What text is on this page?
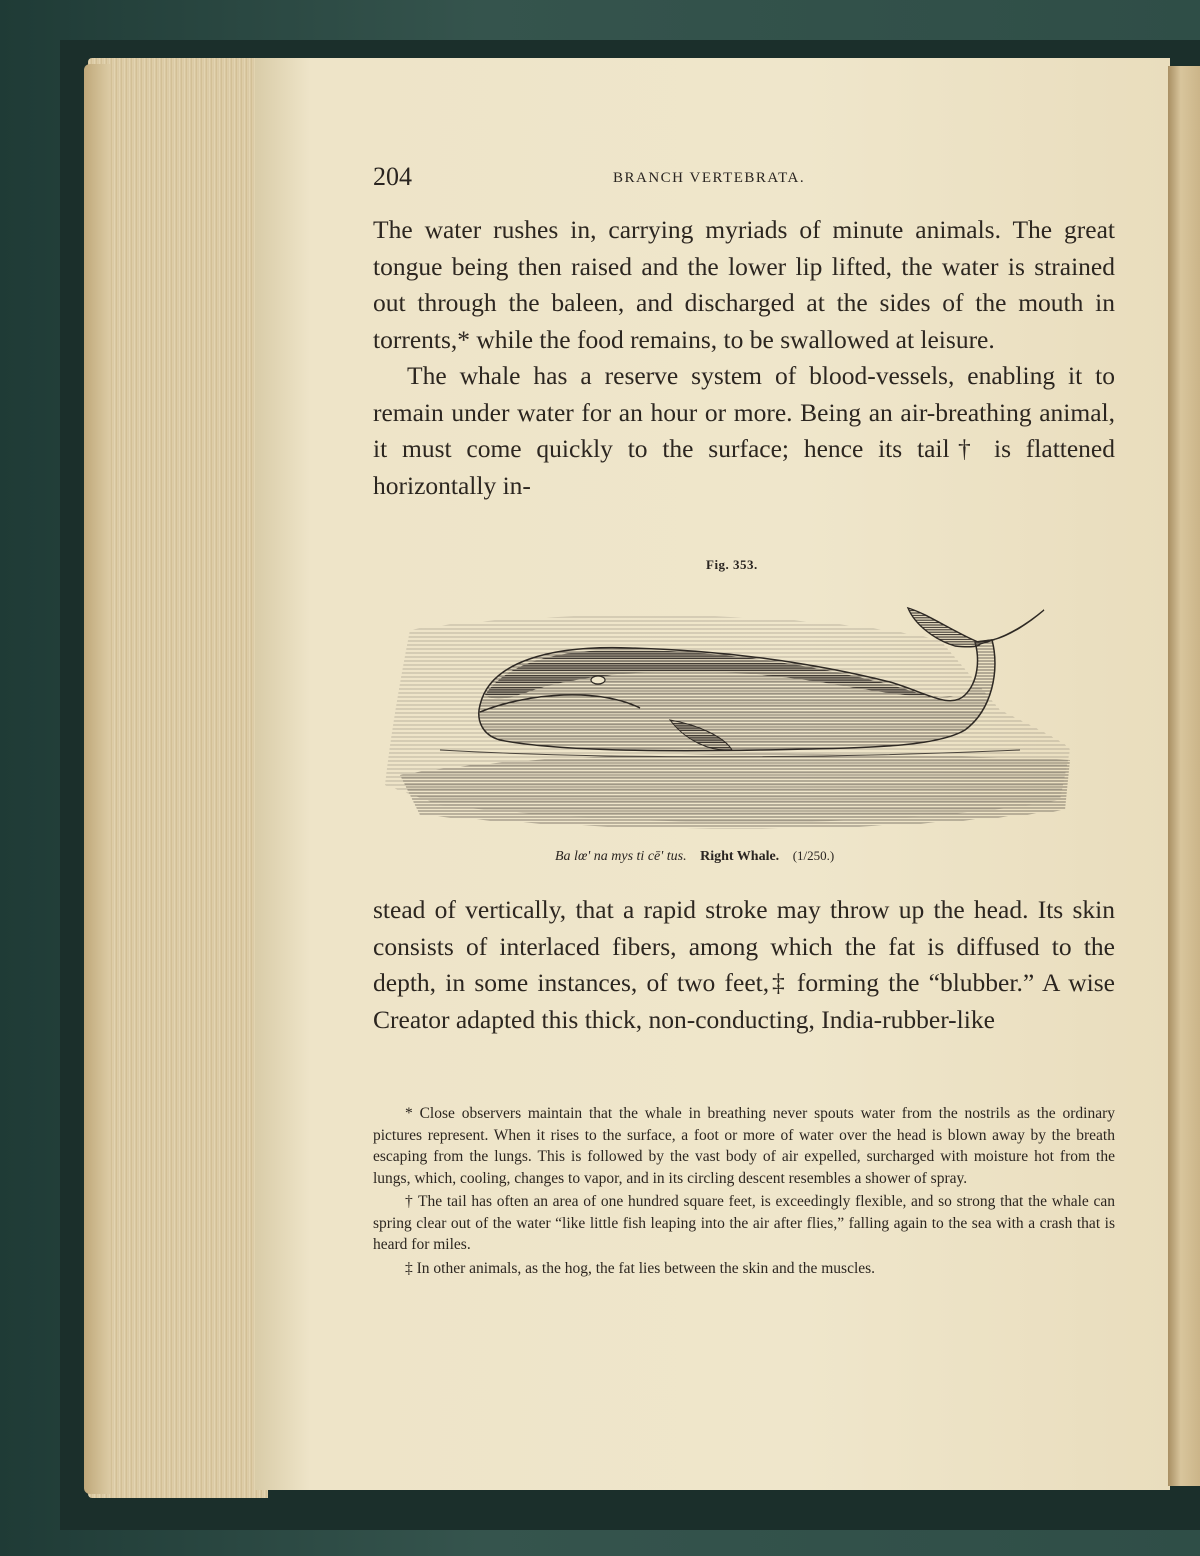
204	BRANCH VERTEBRATA.

The water rushes in, carrying myriads of minute animals. The great tongue being then raised and the lower lip lifted, the water is strained out through the baleen, and discharged at the sides of the mouth in torrents,* while the food remains, to be swallowed at leisure.

The whale has a reserve system of blood-vessels, enabling it to remain under water for an hour or more. Being an air-breathing animal, it must come quickly to the surface; hence its tail† is flattened horizontally in-

Fig. 353.
Ba lœ' na mys ti cē' tus. Right Whale. (1/250.)

stead of vertically, that a rapid stroke may throw up the head. Its skin consists of interlaced fibers, among which the fat is diffused to the depth, in some instances, of two feet,‡ forming the “blubber.” A wise Creator adapted this thick, non-conducting, India-rubber-like

* Close observers maintain that the whale in breathing never spouts water from the nostrils as the ordinary pictures represent. When it rises to the surface, a foot or more of water over the head is blown away by the breath escaping from the lungs. This is followed by the vast body of air expelled, surcharged with moisture hot from the lungs, which, cooling, changes to vapor, and in its circling descent resembles a shower of spray.

† The tail has often an area of one hundred square feet, is exceedingly flexible, and so strong that the whale can spring clear out of the water “like little fish leaping into the air after flies,” falling again to the sea with a crash that is heard for miles.

‡ In other animals, as the hog, the fat lies between the skin and the muscles.
